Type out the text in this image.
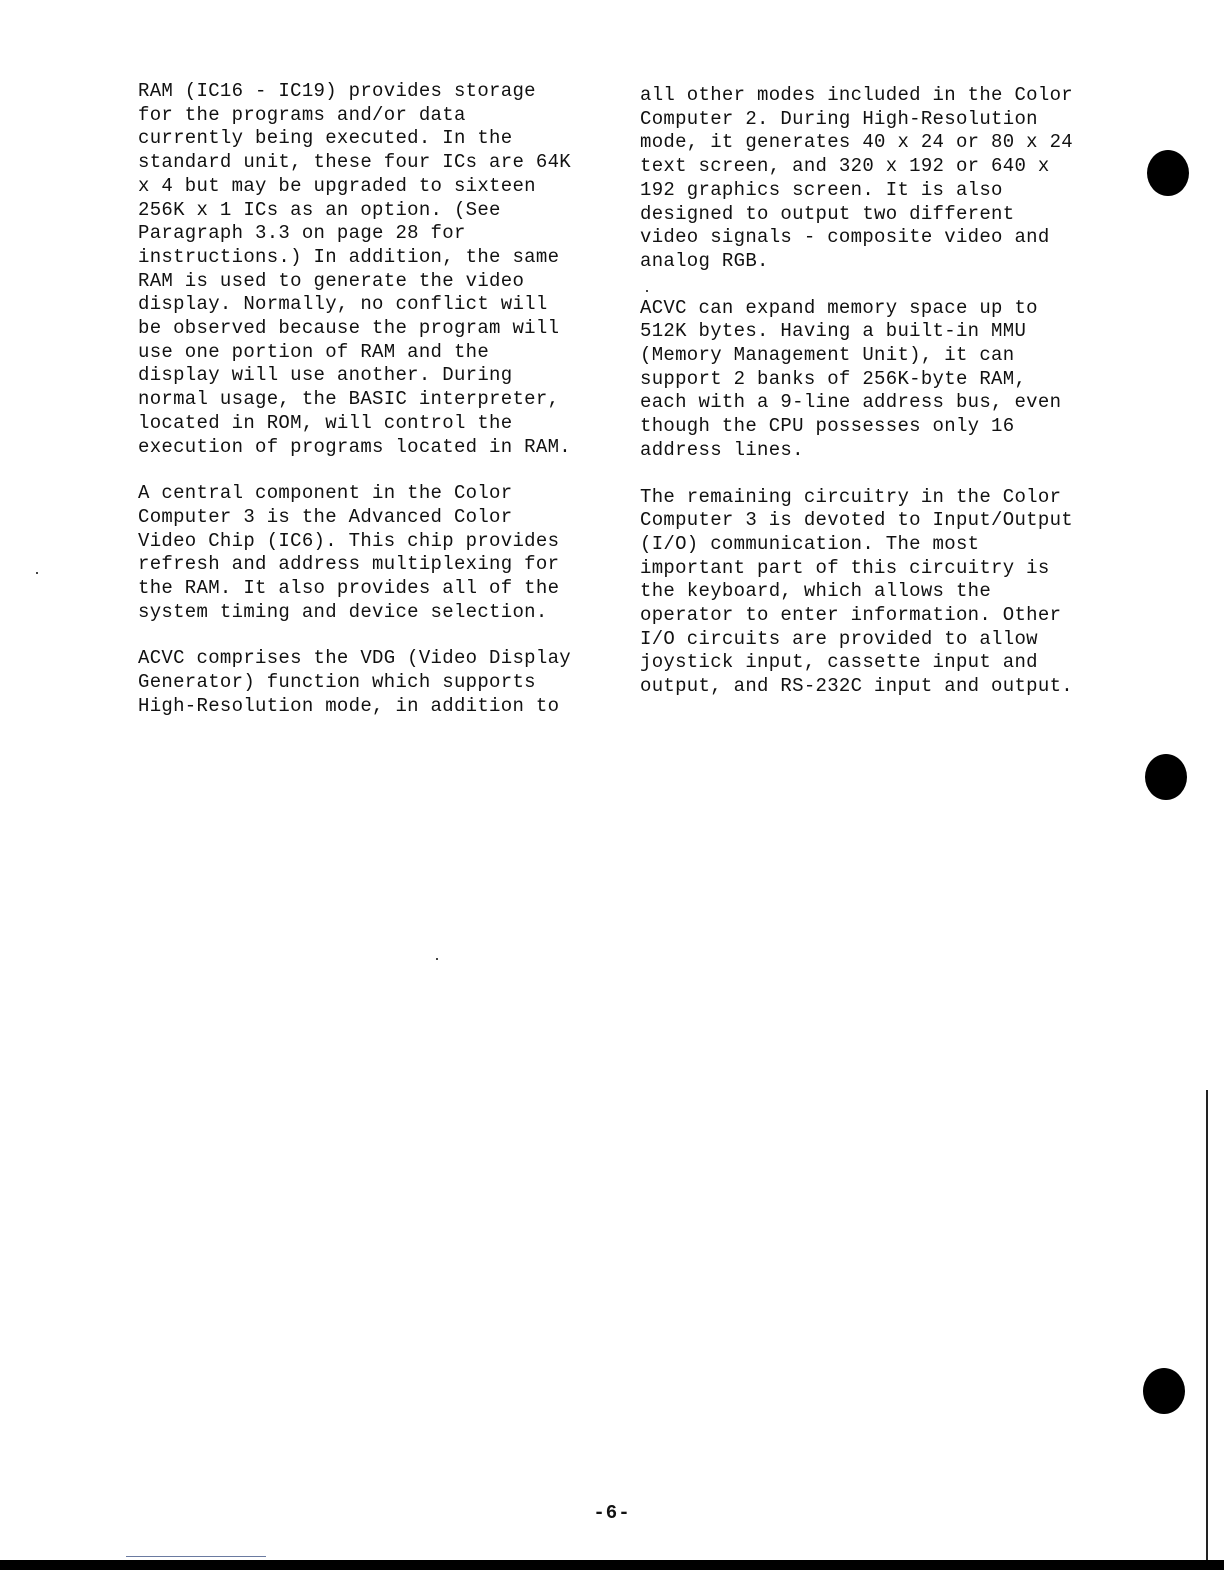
RAM (IC16 - IC19) provides storage
for the programs and/or data
currently being executed. In the
standard unit, these four ICs are 64K
x 4 but may be upgraded to sixteen
256K x 1 ICs as an option. (See
Paragraph 3.3 on page 28 for
instructions.) In addition, the same
RAM is used to generate the video
display. Normally, no conflict will
be observed because the program will
use one portion of RAM and the
display will use another. During
normal usage, the BASIC interpreter,
located in ROM, will control the
execution of programs located in RAM.

A central component in the Color
Computer 3 is the Advanced Color
Video Chip (IC6). This chip provides
refresh and address multiplexing for
the RAM. It also provides all of the
system timing and device selection.

ACVC comprises the VDG (Video Display
Generator) function which supports
High-Resolution mode, in addition to

all other modes included in the Color
Computer 2. During High-Resolution
mode, it generates 40 x 24 or 80 x 24
text screen, and 320 x 192 or 640 x
192 graphics screen. It is also
designed to output two different
video signals - composite video and
analog RGB.

ACVC can expand memory space up to
512K bytes. Having a built-in MMU
(Memory Management Unit), it can
support 2 banks of 256K-byte RAM,
each with a 9-line address bus, even
though the CPU possesses only 16
address lines.

The remaining circuitry in the Color
Computer 3 is devoted to Input/Output
(I/O) communication. The most
important part of this circuitry is
the keyboard, which allows the
operator to enter information. Other
I/O circuits are provided to allow
joystick input, cassette input and
output, and RS-232C input and output.

-6-
